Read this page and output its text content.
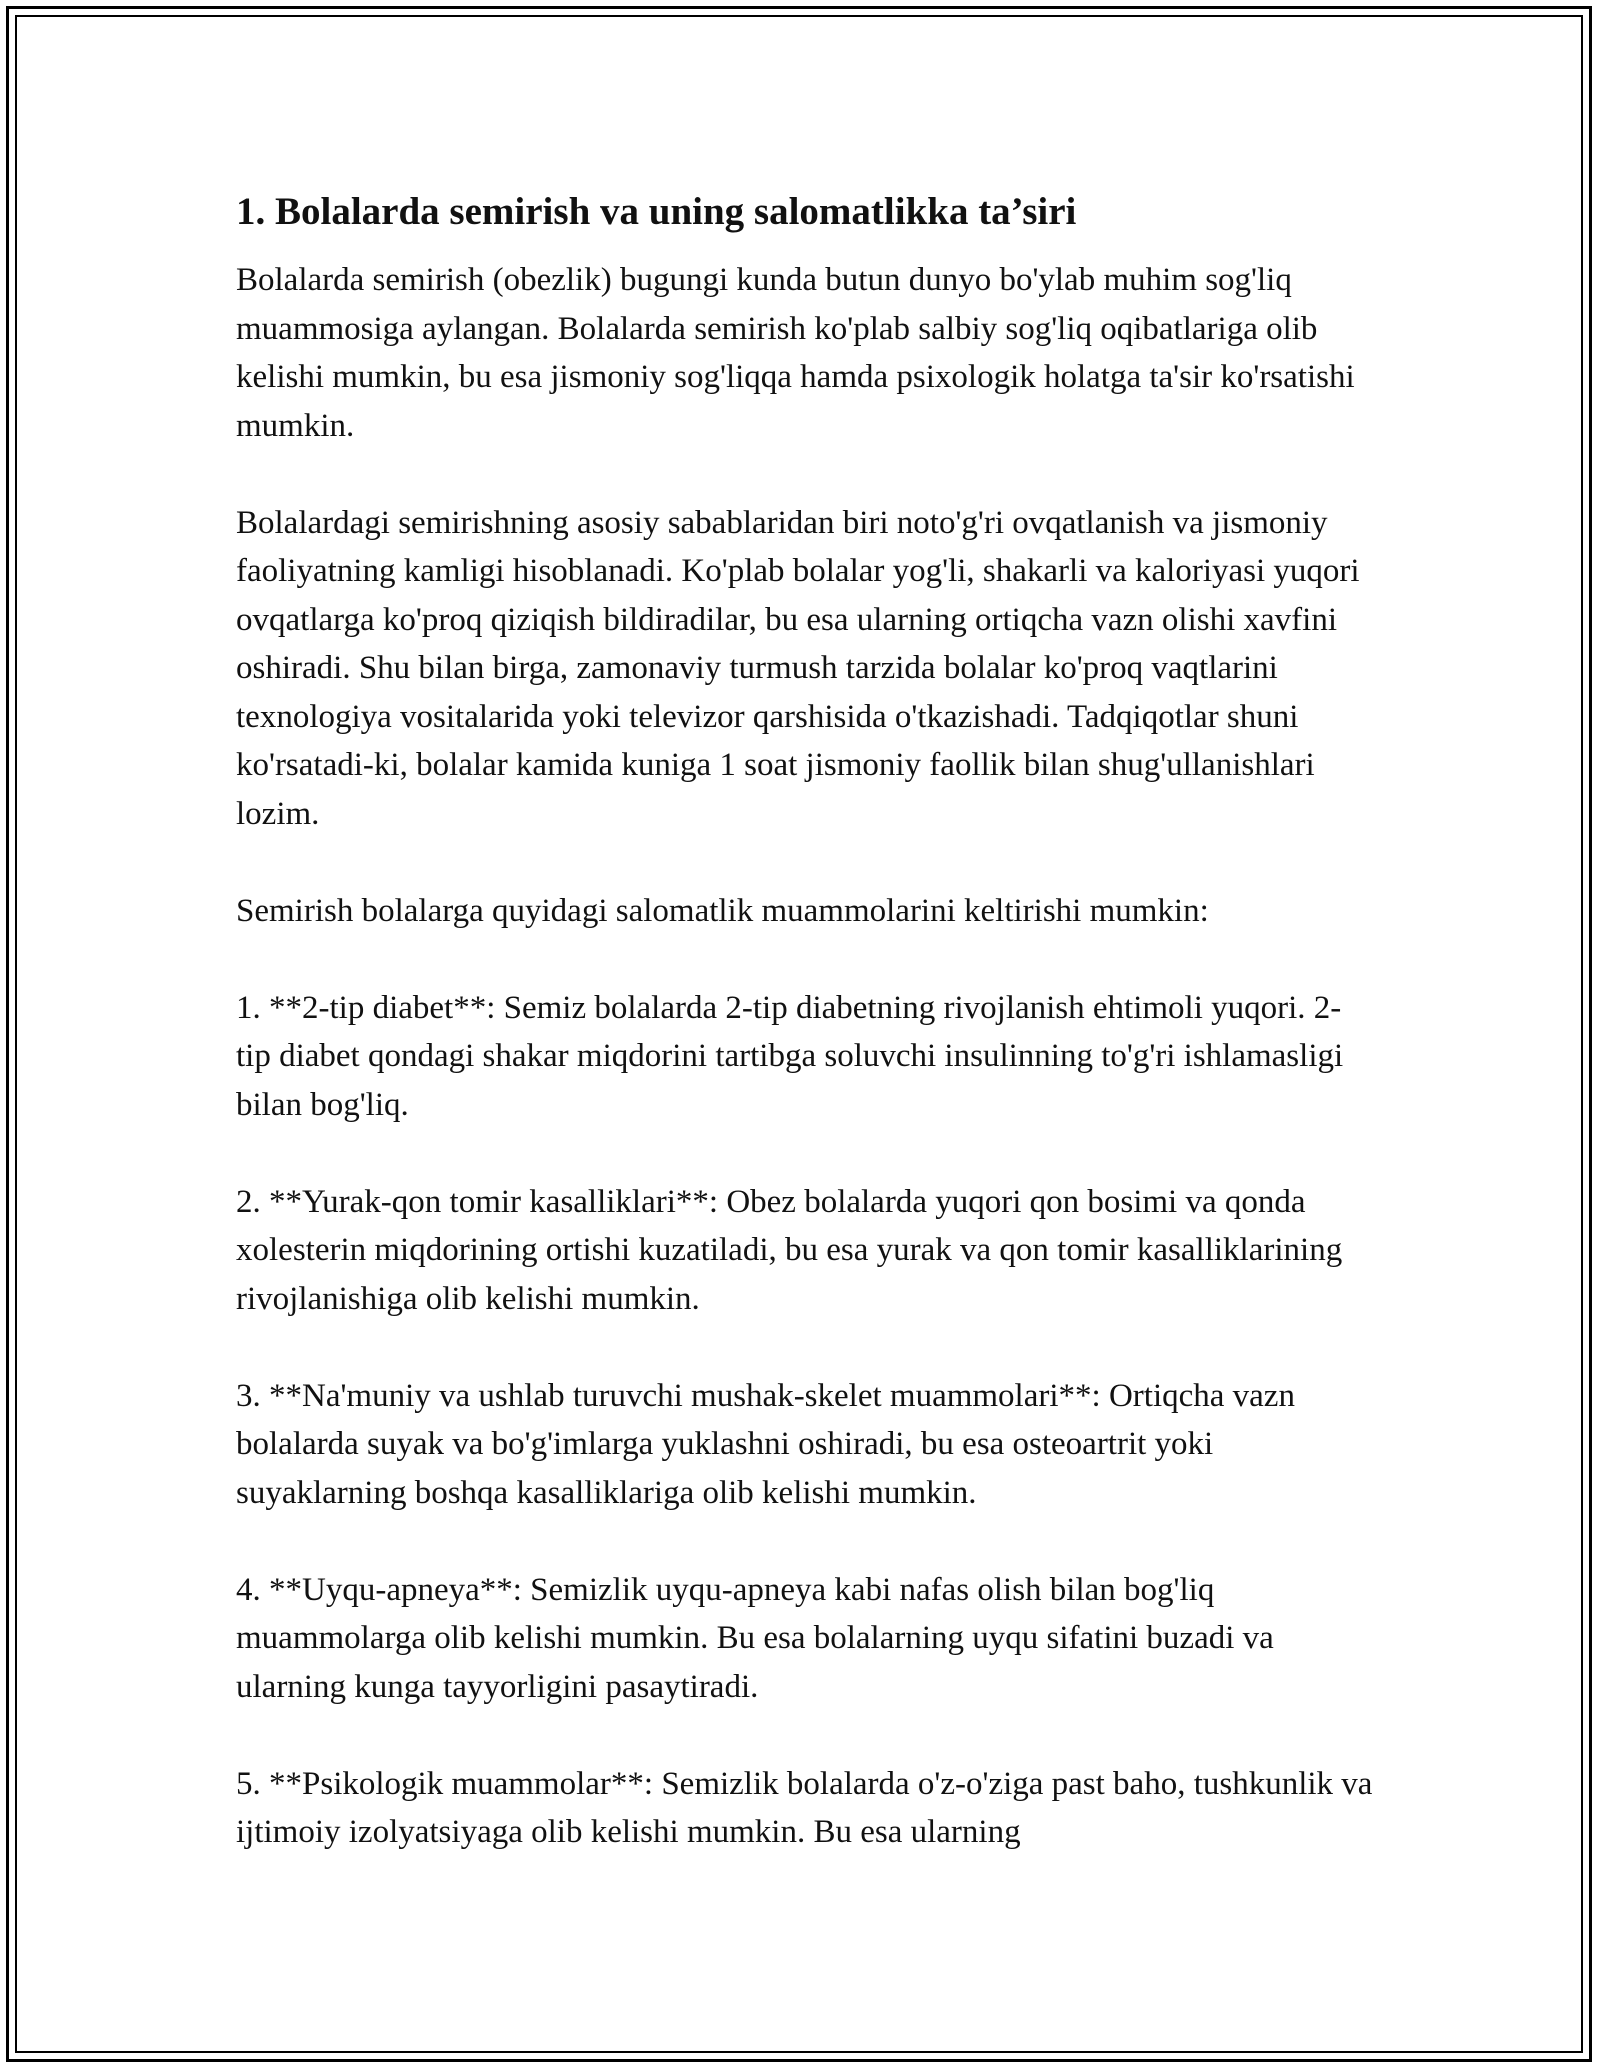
1. Bolalarda semirish va uning salomatlikka ta’siri

Bolalarda semirish (obezlik) bugungi kunda butun dunyo bo'ylab muhim sog'liq muammosiga aylangan. Bolalarda semirish ko'plab salbiy sog'liq oqibatlariga olib kelishi mumkin, bu esa jismoniy sog'liqqa hamda psixologik holatga ta'sir ko'rsatishi mumkin.

Bolalardagi semirishning asosiy sabablaridan biri noto'g'ri ovqatlanish va jismoniy faoliyatning kamligi hisoblanadi. Ko'plab bolalar yog'li, shakarli va kaloriyasi yuqori ovqatlarga ko'proq qiziqish bildiradilar, bu esa ularning ortiqcha vazn olishi xavfini oshiradi. Shu bilan birga, zamonaviy turmush tarzida bolalar ko'proq vaqtlarini texnologiya vositalarida yoki televizor qarshisida o'tkazishadi. Tadqiqotlar shuni ko'rsatadi-ki, bolalar kamida kuniga 1 soat jismoniy faollik bilan shug'ullanishlari lozim.

Semirish bolalarga quyidagi salomatlik muammolarini keltirishi mumkin:

1. **2-tip diabet**: Semiz bolalarda 2-tip diabetning rivojlanish ehtimoli yuqori. 2-tip diabet qondagi shakar miqdorini tartibga soluvchi insulinning to'g'ri ishlamasligi bilan bog'liq.

2. **Yurak-qon tomir kasalliklari**: Obez bolalarda yuqori qon bosimi va qonda xolesterin miqdorining ortishi kuzatiladi, bu esa yurak va qon tomir kasalliklarining rivojlanishiga olib kelishi mumkin.

3. **Na'muniy va ushlab turuvchi mushak-skelet muammolari**: Ortiqcha vazn bolalarda suyak va bo'g'imlarga yuklashni oshiradi, bu esa osteoartrit yoki suyaklarning boshqa kasalliklariga olib kelishi mumkin.

4. **Uyqu-apneya**: Semizlik uyqu-apneya kabi nafas olish bilan bog'liq muammolarga olib kelishi mumkin. Bu esa bolalarning uyqu sifatini buzadi va ularning kunga tayyorligini pasaytiradi.

5. **Psikologik muammolar**: Semizlik bolalarda o'z-o'ziga past baho, tushkunlik va ijtimoiy izolyatsiyaga olib kelishi mumkin. Bu esa ularning
